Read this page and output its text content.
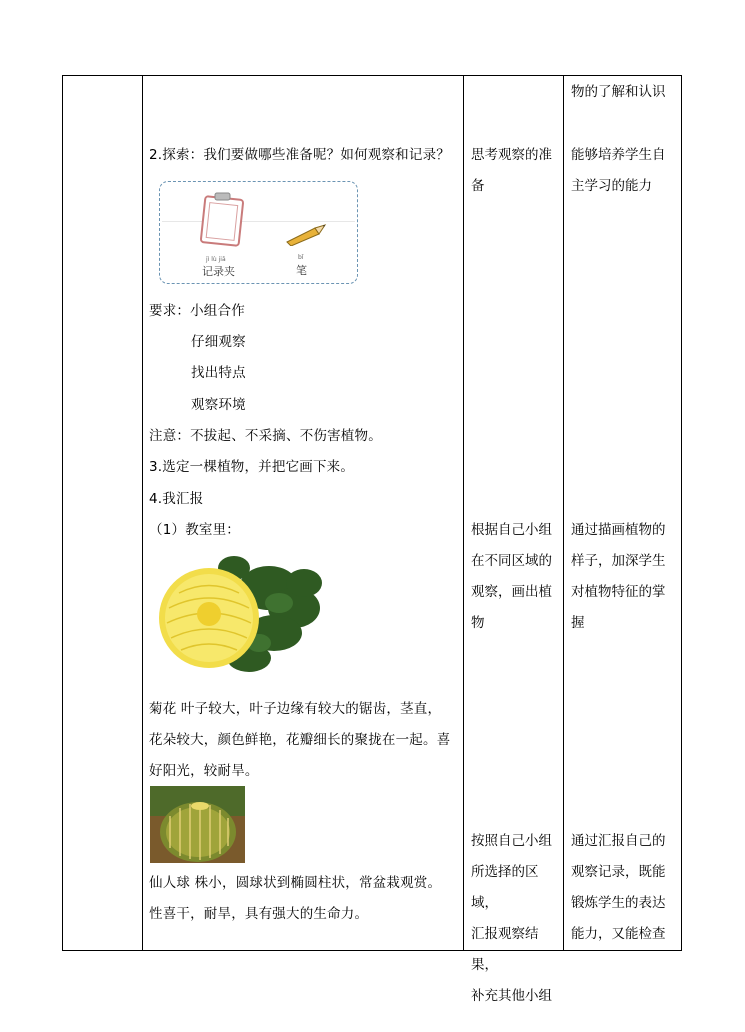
2.探索：我们要做哪些准备呢？如何观察和记录？
jì lù jiā
记录夹
bǐ
笔
要求：小组合作
仔细观察
找出特点
观察环境
注意：不拔起、不采摘、不伤害植物。
3.选定一棵植物，并把它画下来。
4.我汇报
（1）教室里：
菊花 叶子较大，叶子边缘有较大的锯齿，茎直，
花朵较大，颜色鲜艳，花瓣细长的聚拢在一起。喜
好阳光，较耐旱。
仙人球 株小，圆球状到椭圆柱状，常盆栽观赏。
性喜干，耐旱，具有强大的生命力。
思考观察的准
备
根据自己小组
在不同区域的
观察，画出植
物
按照自己小组
所选择的区域，
汇报观察结果，
补充其他小组
物的了解和认识
能够培养学生自
主学习的能力
通过描画植物的
样子，加深学生
对植物特征的掌
握
通过汇报自己的
观察记录，既能
锻炼学生的表达
能力，又能检查
